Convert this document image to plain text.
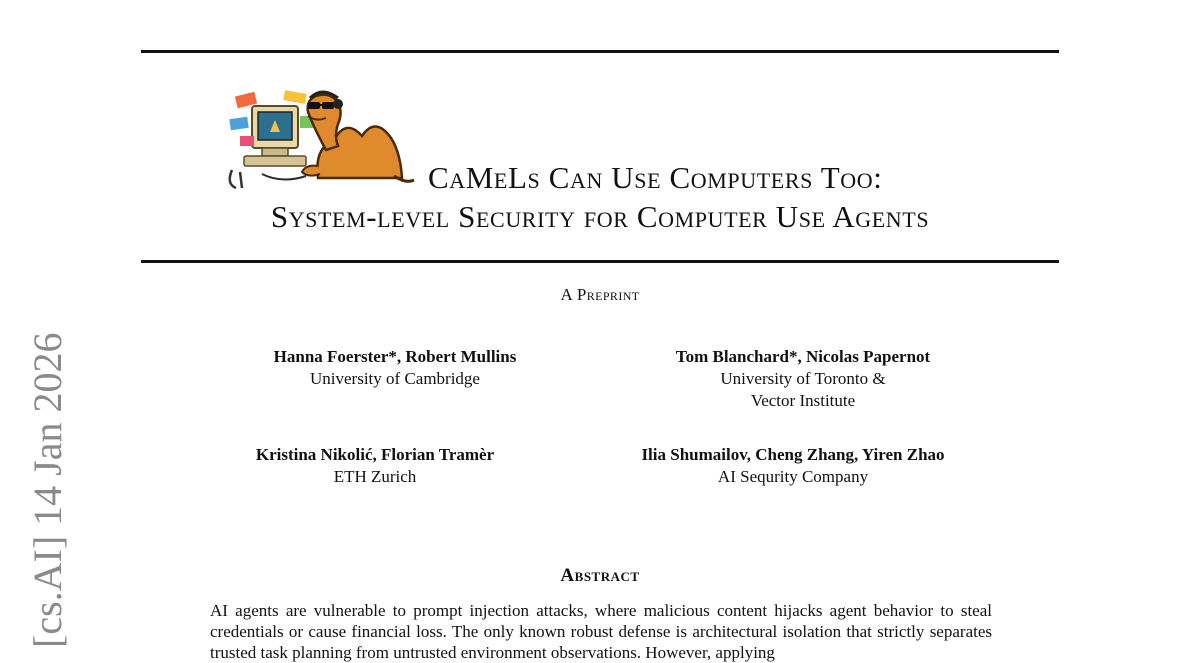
CaMeLs Can Use Computers Too:
System-level Security for Computer Use Agents
A Preprint
Hanna Foerster*, Robert Mullins
University of Cambridge
Tom Blanchard*, Nicolas Papernot
University of Toronto &
Vector Institute
Kristina Nikolić, Florian Tramèr
ETH Zurich
Ilia Shumailov, Cheng Zhang, Yiren Zhao
AI Sequrity Company
Abstract
AI agents are vulnerable to prompt injection attacks, where malicious content hijacks agent behavior to steal credentials or cause financial loss. The only known robust defense is architectural isolation that strictly separates trusted task planning from untrusted environment observations. However, applying
[cs.AI] 14 Jan 2026
